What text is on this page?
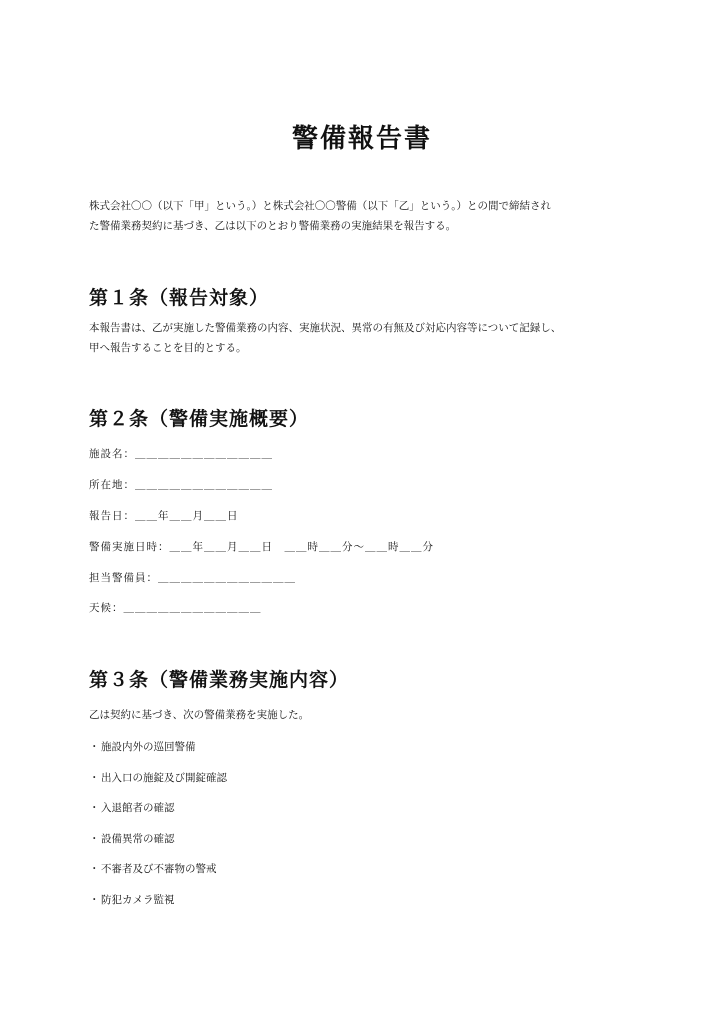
警備報告書

株式会社〇〇（以下「甲」という。）と株式会社〇〇警備（以下「乙」という。）との間で締結され

た警備業務契約に基づき、乙は以下のとおり警備業務の実施結果を報告する。

第１条（報告対象）

本報告書は、乙が実施した警備業務の内容、実施状況、異常の有無及び対応内容等について記録し、

甲へ報告することを目的とする。

第２条（警備実施概要）
施設名：＿＿＿＿＿＿＿＿＿＿＿＿
所在地：＿＿＿＿＿＿＿＿＿＿＿＿
報告日：＿＿年＿＿月＿＿日
警備実施日時：＿＿年＿＿月＿＿日　＿＿時＿＿分～＿＿時＿＿分
担当警備員：＿＿＿＿＿＿＿＿＿＿＿＿
天候：＿＿＿＿＿＿＿＿＿＿＿＿
第３条（警備業務実施内容）
乙は契約に基づき、次の警備業務を実施した。
・ 施設内外の巡回警備
・ 出入口の施錠及び開錠確認
・ 入退館者の確認
・ 設備異常の確認
・ 不審者及び不審物の警戒
・ 防犯カメラ監視
